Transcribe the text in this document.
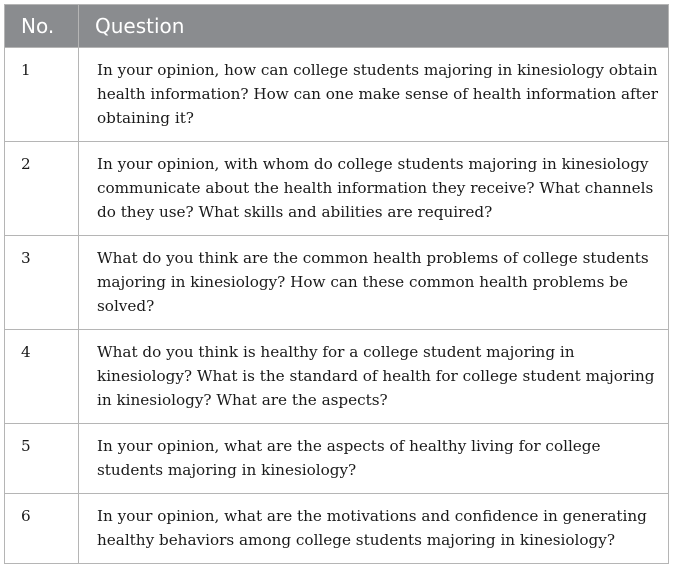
No.	Question
1	In your opinion, how can college students majoring in kinesiology obtain health information? How can one make sense of health information after obtaining it?
2	In your opinion, with whom do college students majoring in kinesiology communicate about the health information they receive? What channels do they use? What skills and abilities are required?
3	What do you think are the common health problems of college students majoring in kinesiology? How can these common health problems be solved?
4	What do you think is healthy for a college student majoring in kinesiology? What is the standard of health for college student majoring in kinesiology? What are the aspects?
5	In your opinion, what are the aspects of healthy living for college students majoring in kinesiology?
6	In your opinion, what are the motivations and confidence in generating healthy behaviors among college students majoring in kinesiology?
